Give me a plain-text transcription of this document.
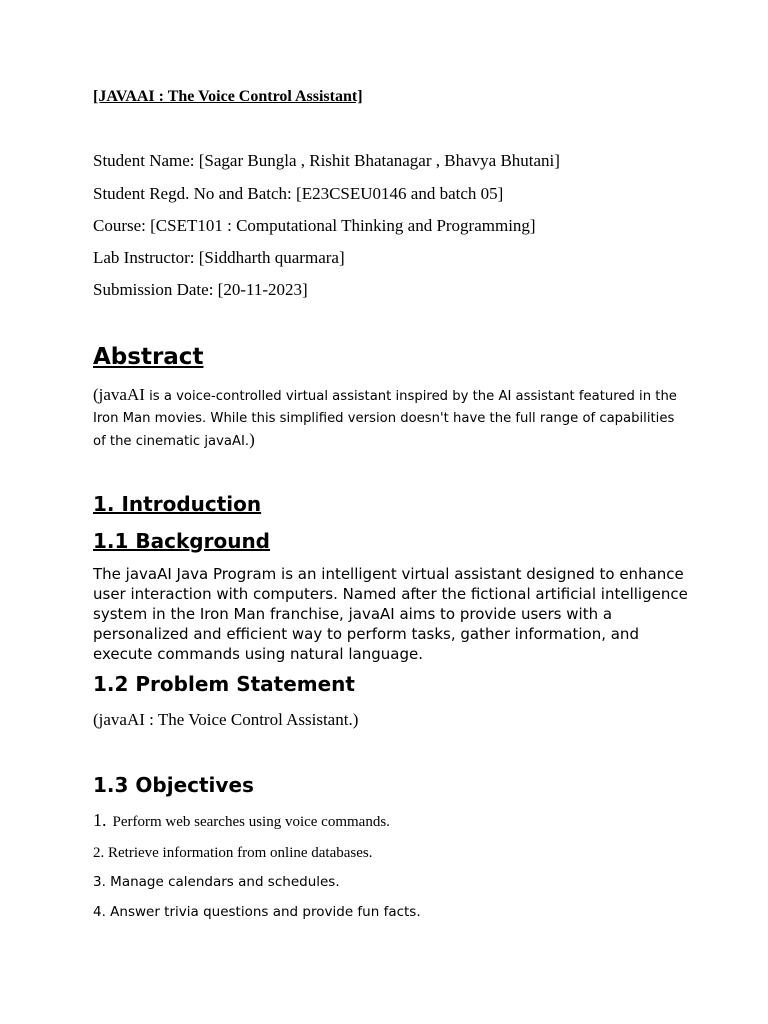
[JAVAAI : The Voice Control Assistant]
Student Name: [Sagar Bungla , Rishit Bhatanagar , Bhavya Bhutani]
Student Regd. No and Batch: [E23CSEU0146 and batch 05]
Course: [CSET101 : Computational Thinking and Programming]
Lab Instructor: [Siddharth quarmara]
Submission Date: [20-11-2023]
Abstract
(javaAI is a voice-controlled virtual assistant inspired by the AI assistant featured in the Iron Man movies. While this simplified version doesn't have the full range of capabilities of the cinematic javaAI.)
1. Introduction
1.1 Background
The javaAI Java Program is an intelligent virtual assistant designed to enhance user interaction with computers. Named after the fictional artificial intelligence system in the Iron Man franchise, javaAI aims to provide users with a personalized and efficient way to perform tasks, gather information, and execute commands using natural language.
1.2 Problem Statement
(javaAI : The Voice Control Assistant.)
1.3 Objectives
1. Perform web searches using voice commands.
2. Retrieve information from online databases.
3. Manage calendars and schedules.
4. Answer trivia questions and provide fun facts.
